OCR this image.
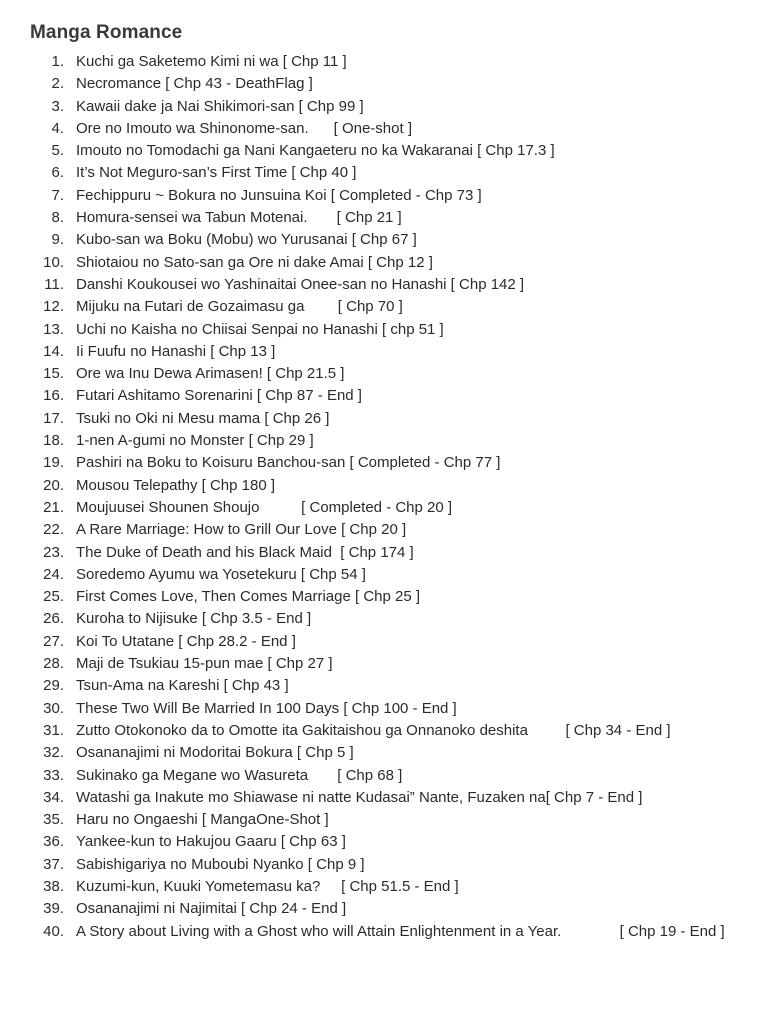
Manga Romance
1. Kuchi ga Saketemo Kimi ni wa [ Chp 11 ]
2. Necromance [ Chp 43 - DeathFlag ]
3. Kawaii dake ja Nai Shikimori-san [ Chp 99 ]
4. Ore no Imouto wa Shinonome-san.      [ One-shot ]
5. Imouto no Tomodachi ga Nani Kangaeteru no ka Wakaranai [ Chp 17.3 ]
6. It’s Not Meguro-san’s First Time [ Chp 40 ]
7. Fechippuru ~ Bokura no Junsuina Koi [ Completed - Chp 73 ]
8. Homura-sensei wa Tabun Motenai.       [ Chp 21 ]
9. Kubo-san wa Boku (Mobu) wo Yurusanai [ Chp 67 ]
10. Shiotaiou no Sato-san ga Ore ni dake Amai [ Chp 12 ]
11. Danshi Koukousei wo Yashinaitai Onee-san no Hanashi [ Chp 142 ]
12. Mijuku na Futari de Gozaimasu ga        [ Chp 70 ]
13. Uchi no Kaisha no Chiisai Senpai no Hanashi [ chp 51 ]
14. Ii Fuufu no Hanashi [ Chp 13 ]
15. Ore wa Inu Dewa Arimasen! [ Chp 21.5 ]
16. Futari Ashitamo Sorenarini [ Chp 87 - End ]
17. Tsuki no Oki ni Mesu mama [ Chp 26 ]
18. 1-nen A-gumi no Monster [ Chp 29 ]
19. Pashiri na Boku to Koisuru Banchou-san [ Completed - Chp 77 ]
20. Mousou Telepathy [ Chp 180 ]
21. Moujuusei Shounen Shoujo          [ Completed - Chp 20 ]
22. A Rare Marriage: How to Grill Our Love [ Chp 20 ]
23. The Duke of Death and his Black Maid  [ Chp 174 ]
24. Soredemo Ayumu wa Yosetekuru [ Chp 54 ]
25. First Comes Love, Then Comes Marriage [ Chp 25 ]
26. Kuroha to Nijisuke [ Chp 3.5 - End ]
27. Koi To Utatane [ Chp 28.2 - End ]
28. Maji de Tsukiau 15-pun mae [ Chp 27 ]
29. Tsun-Ama na Kareshi [ Chp 43 ]
30. These Two Will Be Married In 100 Days [ Chp 100 - End ]
31. Zutto Otokonoko da to Omotte ita Gakitaishou ga Onnanoko deshita         [ Chp 34 - End ]
32. Osananajimi ni Modoritai Bokura [ Chp 5 ]
33. Sukinako ga Megane wo Wasureta       [ Chp 68 ]
34. Watashi ga Inakute mo Shiawase ni natte Kudasai” Nante, Fuzaken na[ Chp 7 - End ]
35. Haru no Ongaeshi [ MangaOne-Shot ]
36. Yankee-kun to Hakujou Gaaru [ Chp 63 ]
37. Sabishigariya no Muboubi Nyanko [ Chp 9 ]
38. Kuzumi-kun, Kuuki Yometemasu ka?     [ Chp 51.5 - End ]
39. Osananajimi ni Najimitai [ Chp 24 - End ]
40. A Story about Living with a Ghost who will Attain Enlightenment in a Year.              [ Chp 19 - End ]
